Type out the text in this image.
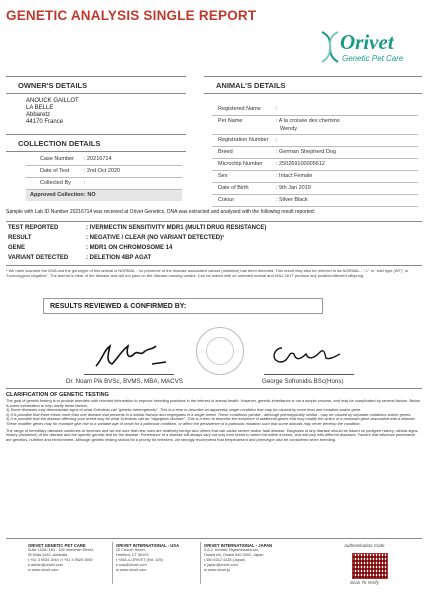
GENETIC ANALYSIS SINGLE REPORT
Orivet
Genetic Pet Care
OWNER'S DETAILS
ANOUCK GAILLOT
LA BELLE
Abbaretz
44170 France
COLLECTION DETAILS
Case Number : 20216714
Date of Test	: 2nd Oct 2020
Collected By :
Approved Collection : NO
ANIMAL'S DETAILS
Registered Name	:
Pet Name	: A la croisée des chemins
Wendy
Registration Number :
Breed	: German Shepherd Dog
Microchip Number : 250269100005612
Sex	: Intact Female
Date of Birth	: 9th Jan 2019
Colour	: Silver Black
Sample with Lab ID Number 20216714 was received at Orivet Genetics, DNA was extracted and analysed with the following result reported:
TEST REPORTED	: IVERMECTIN SENSITIVITY MDR1 (MULTI DRUG RESISTANCE)
RESULT	: NEGATIVE / CLEAR (NO VARIANT DETECTED)¹
GENE	: MDR1 ON CHROMOSOME 14
VARIANT DETECTED	: DELETION 4BP AGAT
¹ We have scanned the DNA and the genotype of this animal is NORMAL - no presence of the disease associated variant (mutation) has been detected. This result may also be referred to as NORMAL - "-/-" or "wild type (WT)" or "homozygous negative". The animal is clear of the disease and will not pass on the disease-causing variant. Can be mated with an untested animal and WILL NOT produce any positive/affected offspring.
RESULTS REVIEWED & CONFIRMED BY:
Dr. Noam Pik BVSc, BVMS, MBA, MACVS	George Sofronidis BSc(Hons)
CLARIFICATION OF GENETIC TESTING
The goal of genetic testing is to provide breeders with relevant information to improve breeding practices in the interest of animal health. However, genetic inheritance is not a simple process, and may be complicated by several factors. Below is some information to help clarify these factors.
1) Some diseases may demonstrate signs of what Scientists call "genetic heterogeneity". This is a term to describe an apparently single condition that may be caused by more than one mutation and/or gene.
2) It is possible that there exists more than one disease that presents in a similar fashion and segregates in a single breed. These conditions (similar - although phenotypically similar - may be caused by separate mutations and/or genes.
3) It is possible that the disease affecting your breed may be what Scientists call an "oligogenic disease". This is a term to describe the existence of additional genes that may modify the action of a dominant gene associated with a disease. These modifier genes may for example give rise to a variable age of onset for a particular condition, or affect the persistence of a particular mutation such that some animals may never develop the condition.
The range of hereditary diseases continues to increase and we are sure that new ones are relatively benign and others that can cause severe and/or fatal disease. Diagnosis of any disease should be based on pedigree history, clinical signs, history (incidence) of the disease and the specific genetic test for the disease. Penetrance of a disease will always vary not only from breed to breed but within a breed, and will vary with different diseases. Factors that influence penetrance are genetics, nutrition and environment. Although genetic testing should be a priority for breeders, we strongly recommend that temperament and phenotype also be considered when breeding.
ORIVET GENETIC PET CARE
Suite 102A/ 163 - 169 Inkerman Street,
St Kilda 3182, Australia
t +61 3 9534 1544 | f +61 3 9525 3550
e admin@orivet.com
w www.orivet.com
ORIVET INTERNATIONAL - USA
20 Church Street,
Hartford, CT 06103
t +844-4-ORIVET (Ext. 105)
e usa@orivet.com
w www.orivet.com
ORIVET INTERNATIONAL - JAPAN
3-6-2, Kimata, Higashiosaka-shi,
Osaka shi, Osaka 540-0002, Japan
t 080 6312 4128 (Japan)
e japan@orivet.com
w www.orivet.jp
Authentication Code
Scan To Verify
